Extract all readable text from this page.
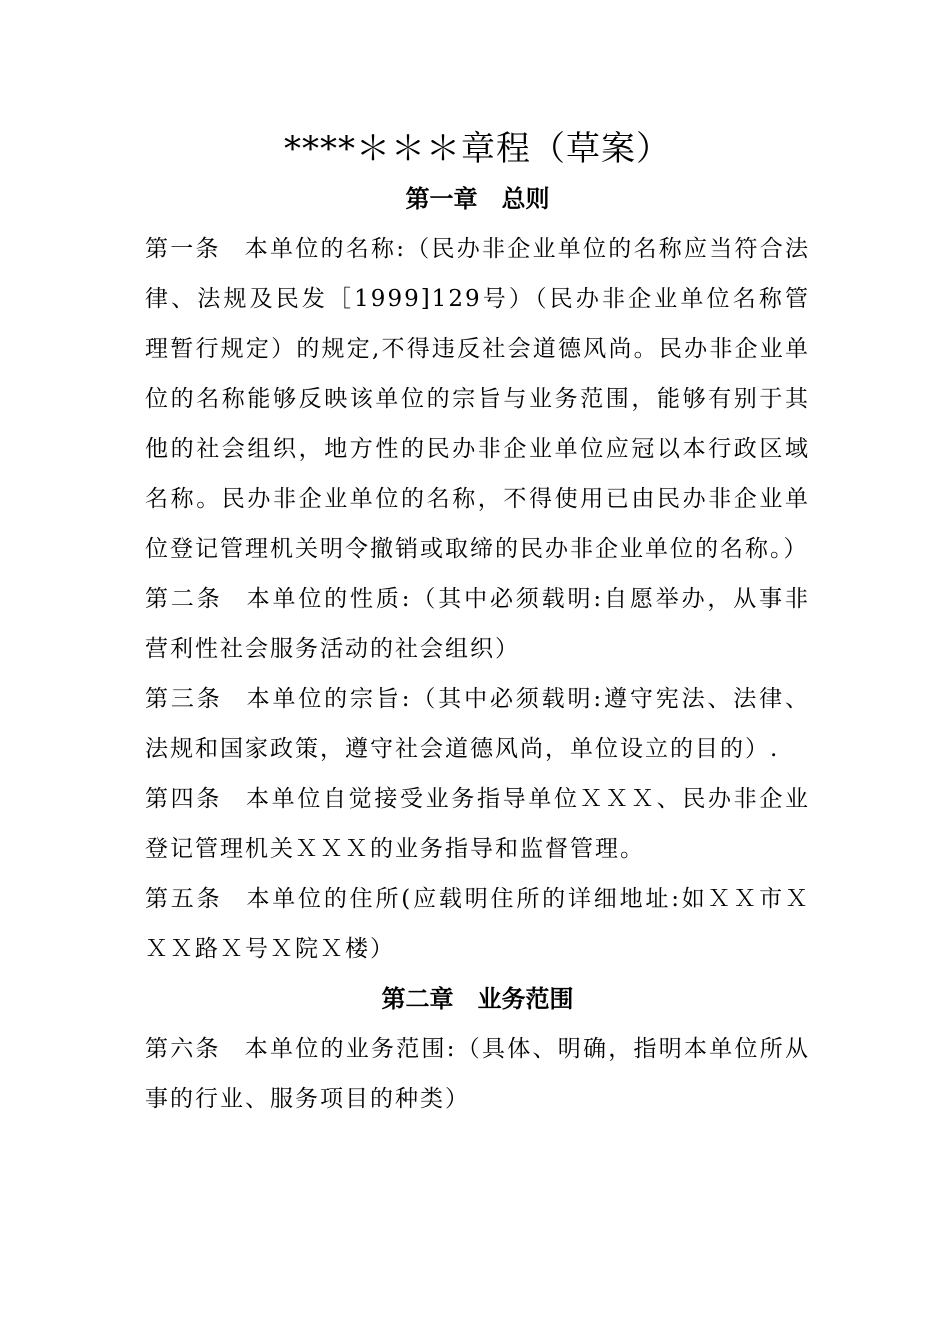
****＊＊＊章程（草案）
第一章　总则

第一条 本单位的名称:（民办非企业单位的名称应当符合法律、法规及民发［1999]129号）（民办非企业单位名称管理暂行规定）的规定,不得违反社会道德风尚。民办非企业单位的名称能够反映该单位的宗旨与业务范围，能够有别于其他的社会组织，地方性的民办非企业单位应冠以本行政区域名称。民办非企业单位的名称，不得使用已由民办非企业单位登记管理机关明令撤销或取缔的民办非企业单位的名称。）

第二条 本单位的性质:（其中必须载明:自愿举办，从事非营利性社会服务活动的社会组织）

第三条 本单位的宗旨:（其中必须载明:遵守宪法、法律、法规和国家政策，遵守社会道德风尚，单位设立的目的）.

第四条 本单位自觉接受业务指导单位ＸＸＸ、民办非企业登记管理机关ＸＸＸ的业务指导和监督管理。

第五条 本单位的住所(应载明住所的详细地址:如ＸＸ市ＸＸＸ路Ｘ号Ｘ院Ｘ楼）

第二章　业务范围

第六条 本单位的业务范围:（具体、明确，指明本单位所从事的行业、服务项目的种类）
